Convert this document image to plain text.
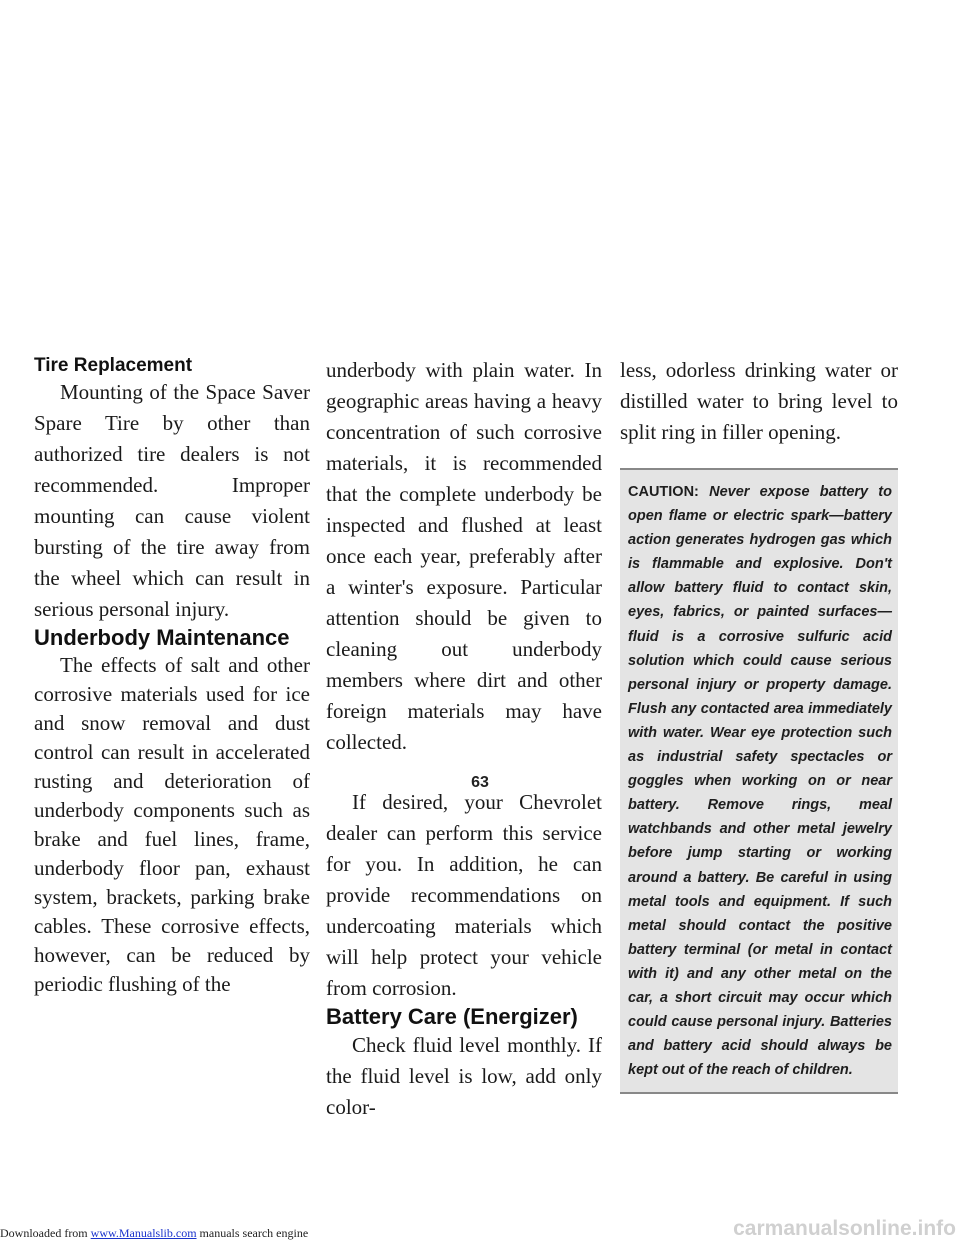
Tire Replacement

Mounting of the Space Saver Spare Tire by other than authorized tire dealers is not recommended. Improper mounting can cause violent bursting of the tire away from the wheel which can result in serious personal injury.

Underbody Maintenance

The effects of salt and other corrosive materials used for ice and snow removal and dust control can result in accelerated rusting and deterioration of underbody components such as brake and fuel lines, frame, underbody floor pan, exhaust system, brackets, parking brake cables. These corrosive effects, however, can be reduced by periodic flushing of the

underbody with plain water. In geographic areas having a heavy concentration of such corrosive materials, it is recommended that the complete underbody be inspected and flushed at least once each year, preferably after a winter's exposure. Particular attention should be given to cleaning out underbody members where dirt and other foreign materials may have collected.

If desired, your Chevrolet dealer can perform this service for you. In addition, he can provide recommendations on undercoating materials which will help protect your vehicle from corrosion.

Battery Care (Energizer)

Check fluid level monthly. If the fluid level is low, add only color-

less, odorless drinking water or distilled water to bring level to split ring in filler opening.

CAUTION: Never expose battery to open flame or electric spark—battery action generates hydrogen gas which is flammable and explosive. Don't allow battery fluid to contact skin, eyes, fabrics, or painted surfaces—fluid is a corrosive sulfuric acid solution which could cause serious personal injury or property damage. Flush any contacted area immediately with water. Wear eye protection such as industrial safety spectacles or goggles when working on or near battery. Remove rings, meal watchbands and other metal jewelry before jump starting or working around a battery. Be careful in using metal tools and equipment. If such metal should contact the positive battery terminal (or metal in contact with it) and any other metal on the car, a short circuit may occur which could cause personal injury. Batteries and battery acid should always be kept out of the reach of children.
63
Downloaded from www.Manualslib.com manuals search engine	carmanualsonline.info
